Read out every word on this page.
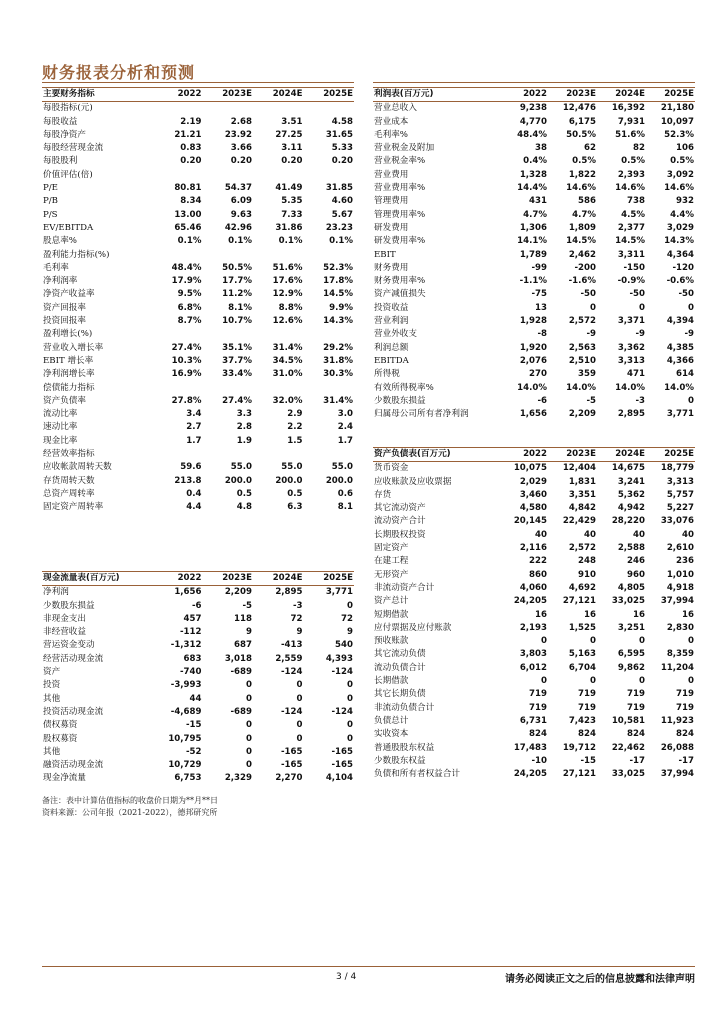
财务报表分析和预测
主要财务指标	2022	2023E	2024E	2025E
每股指标(元)				
每股收益	2.19	2.68	3.51	4.58
每股净资产	21.21	23.92	27.25	31.65
每股经营现金流	0.83	3.66	3.11	5.33
每股股利	0.20	0.20	0.20	0.20
价值评估(倍)				
P/E	80.81	54.37	41.49	31.85
P/B	8.34	6.09	5.35	4.60
P/S	13.00	9.63	7.33	5.67
EV/EBITDA	65.46	42.96	31.86	23.23
股息率%	0.1%	0.1%	0.1%	0.1%
盈利能力指标(%)				
毛利率	48.4%	50.5%	51.6%	52.3%
净利润率	17.9%	17.7%	17.6%	17.8%
净资产收益率	9.5%	11.2%	12.9%	14.5%
资产回报率	6.8%	8.1%	8.8%	9.9%
投资回报率	8.7%	10.7%	12.6%	14.3%
盈利增长(%)				
营业收入增长率	27.4%	35.1%	31.4%	29.2%
EBIT 增长率	10.3%	37.7%	34.5%	31.8%
净利润增长率	16.9%	33.4%	31.0%	30.3%
偿债能力指标				
资产负债率	27.8%	27.4%	32.0%	31.4%
流动比率	3.4	3.3	2.9	3.0
速动比率	2.7	2.8	2.2	2.4
现金比率	1.7	1.9	1.5	1.7
经营效率指标				
应收帐款周转天数	59.6	55.0	55.0	55.0
存货周转天数	213.8	200.0	200.0	200.0
总资产周转率	0.4	0.5	0.5	0.6
固定资产周转率	4.4	4.8	6.3	8.1
现金流量表(百万元)	2022	2023E	2024E	2025E
净利润	1,656	2,209	2,895	3,771
少数股东损益	-6	-5	-3	0
非现金支出	457	118	72	72
非经营收益	-112	9	9	9
营运资金变动	-1,312	687	-413	540
经营活动现金流	683	3,018	2,559	4,393
资产	-740	-689	-124	-124
投资	-3,993	0	0	0
其他	44	0	0	0
投资活动现金流	-4,689	-689	-124	-124
债权募资	-15	0	0	0
股权募资	10,795	0	0	0
其他	-52	0	-165	-165
融资活动现金流	10,729	0	-165	-165
现金净流量	6,753	2,329	2,270	4,104
利润表(百万元)	2022	2023E	2024E	2025E
营业总收入	9,238	12,476	16,392	21,180
营业成本	4,770	6,175	7,931	10,097
毛利率%	48.4%	50.5%	51.6%	52.3%
营业税金及附加	38	62	82	106
营业税金率%	0.4%	0.5%	0.5%	0.5%
营业费用	1,328	1,822	2,393	3,092
营业费用率%	14.4%	14.6%	14.6%	14.6%
管理费用	431	586	738	932
管理费用率%	4.7%	4.7%	4.5%	4.4%
研发费用	1,306	1,809	2,377	3,029
研发费用率%	14.1%	14.5%	14.5%	14.3%
EBIT	1,789	2,462	3,311	4,364
财务费用	-99	-200	-150	-120
财务费用率%	-1.1%	-1.6%	-0.9%	-0.6%
资产减值损失	-75	-50	-50	-50
投资收益	13	0	0	0
营业利润	1,928	2,572	3,371	4,394
营业外收支	-8	-9	-9	-9
利润总额	1,920	2,563	3,362	4,385
EBITDA	2,076	2,510	3,313	4,366
所得税	270	359	471	614
有效所得税率%	14.0%	14.0%	14.0%	14.0%
少数股东损益	-6	-5	-3	0
归属母公司所有者净利润	1,656	2,209	2,895	3,771
资产负债表(百万元)	2022	2023E	2024E	2025E
货币资金	10,075	12,404	14,675	18,779
应收账款及应收票据	2,029	1,831	3,241	3,313
存货	3,460	3,351	5,362	5,757
其它流动资产	4,580	4,842	4,942	5,227
流动资产合计	20,145	22,429	28,220	33,076
长期股权投资	40	40	40	40
固定资产	2,116	2,572	2,588	2,610
在建工程	222	248	246	236
无形资产	860	910	960	1,010
非流动资产合计	4,060	4,692	4,805	4,918
资产总计	24,205	27,121	33,025	37,994
短期借款	16	16	16	16
应付票据及应付账款	2,193	1,525	3,251	2,830
预收账款	0	0	0	0
其它流动负债	3,803	5,163	6,595	8,359
流动负债合计	6,012	6,704	9,862	11,204
长期借款	0	0	0	0
其它长期负债	719	719	719	719
非流动负债合计	719	719	719	719
负债总计	6,731	7,423	10,581	11,923
实收资本	824	824	824	824
普通股股东权益	17,483	19,712	22,462	26,088
少数股东权益	-10	-15	-17	-17
负债和所有者权益合计	24,205	27,121	33,025	37,994
备注：表中计算估值指标的收盘价日期为**月**日
资料来源：公司年报（2021-2022），德邦研究所
3 / 4	请务必阅读正文之后的信息披露和法律声明
